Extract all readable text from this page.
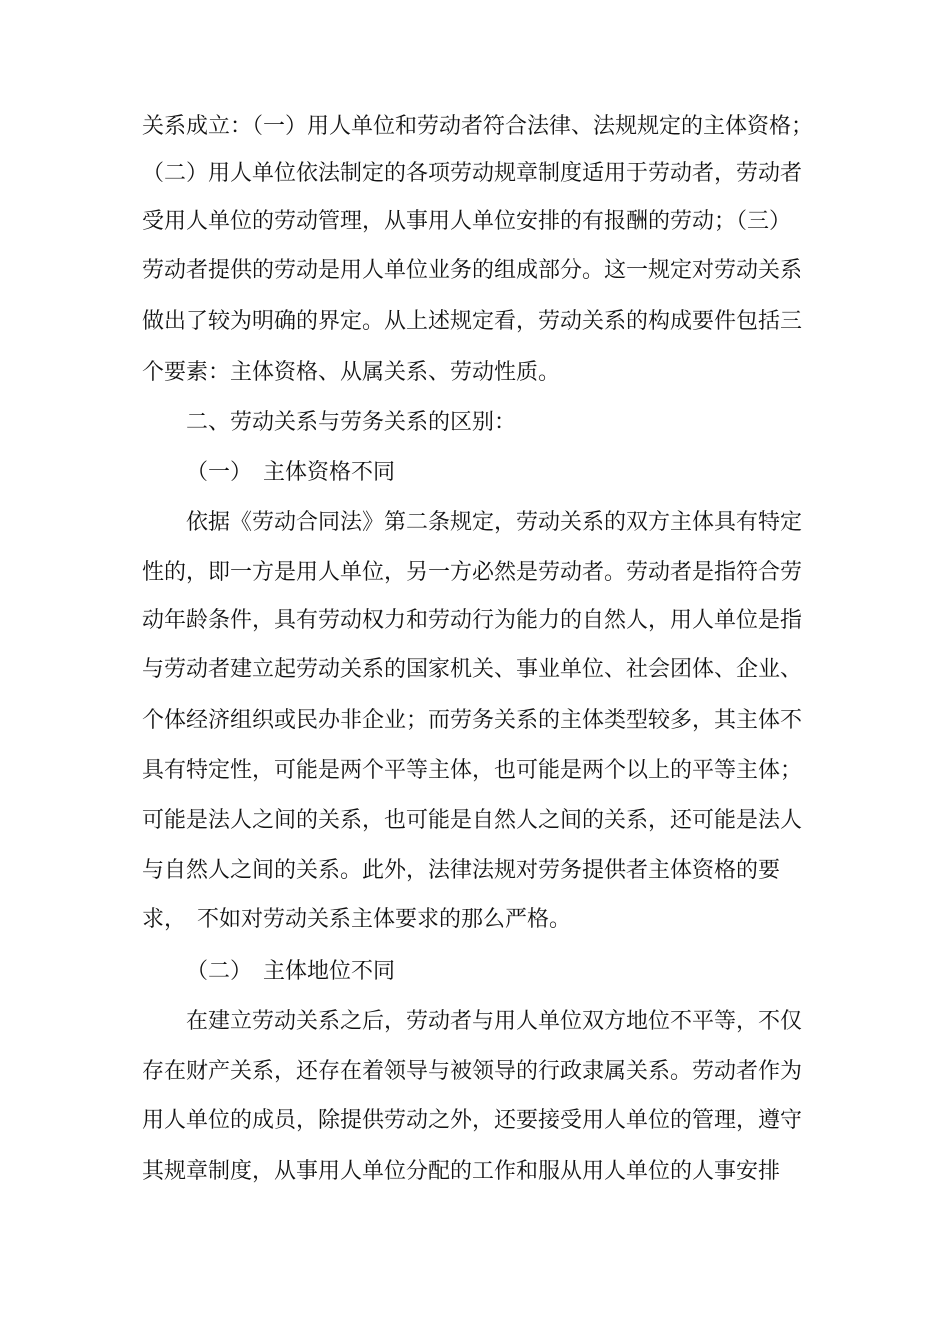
关系成立：（一）用人单位和劳动者符合法律、法规规定的主体资格；
（二）用人单位依法制定的各项劳动规章制度适用于劳动者，劳动者
受用人单位的劳动管理，从事用人单位安排的有报酬的劳动；（三）
劳动者提供的劳动是用人单位业务的组成部分。这一规定对劳动关系
做出了较为明确的界定。从上述规定看，劳动关系的构成要件包括三
个要素：主体资格、从属关系、劳动性质。
二、劳动关系与劳务关系的区别：
（一）　主体资格不同
依据《劳动合同法》第二条规定，劳动关系的双方主体具有特定
性的，即一方是用人单位，另一方必然是劳动者。劳动者是指符合劳
动年龄条件，具有劳动权力和劳动行为能力的自然人，用人单位是指
与劳动者建立起劳动关系的国家机关、事业单位、社会团体、企业、
个体经济组织或民办非企业；而劳务关系的主体类型较多，其主体不
具有特定性，可能是两个平等主体，也可能是两个以上的平等主体；
可能是法人之间的关系，也可能是自然人之间的关系，还可能是法人
与自然人之间的关系。此外，法律法规对劳务提供者主体资格的要
求，　不如对劳动关系主体要求的那么严格。
（二）　主体地位不同
在建立劳动关系之后，劳动者与用人单位双方地位不平等，不仅
存在财产关系，还存在着领导与被领导的行政隶属关系。劳动者作为
用人单位的成员，除提供劳动之外，还要接受用人单位的管理，遵守
其规章制度，从事用人单位分配的工作和服从用人单位的人事安排
